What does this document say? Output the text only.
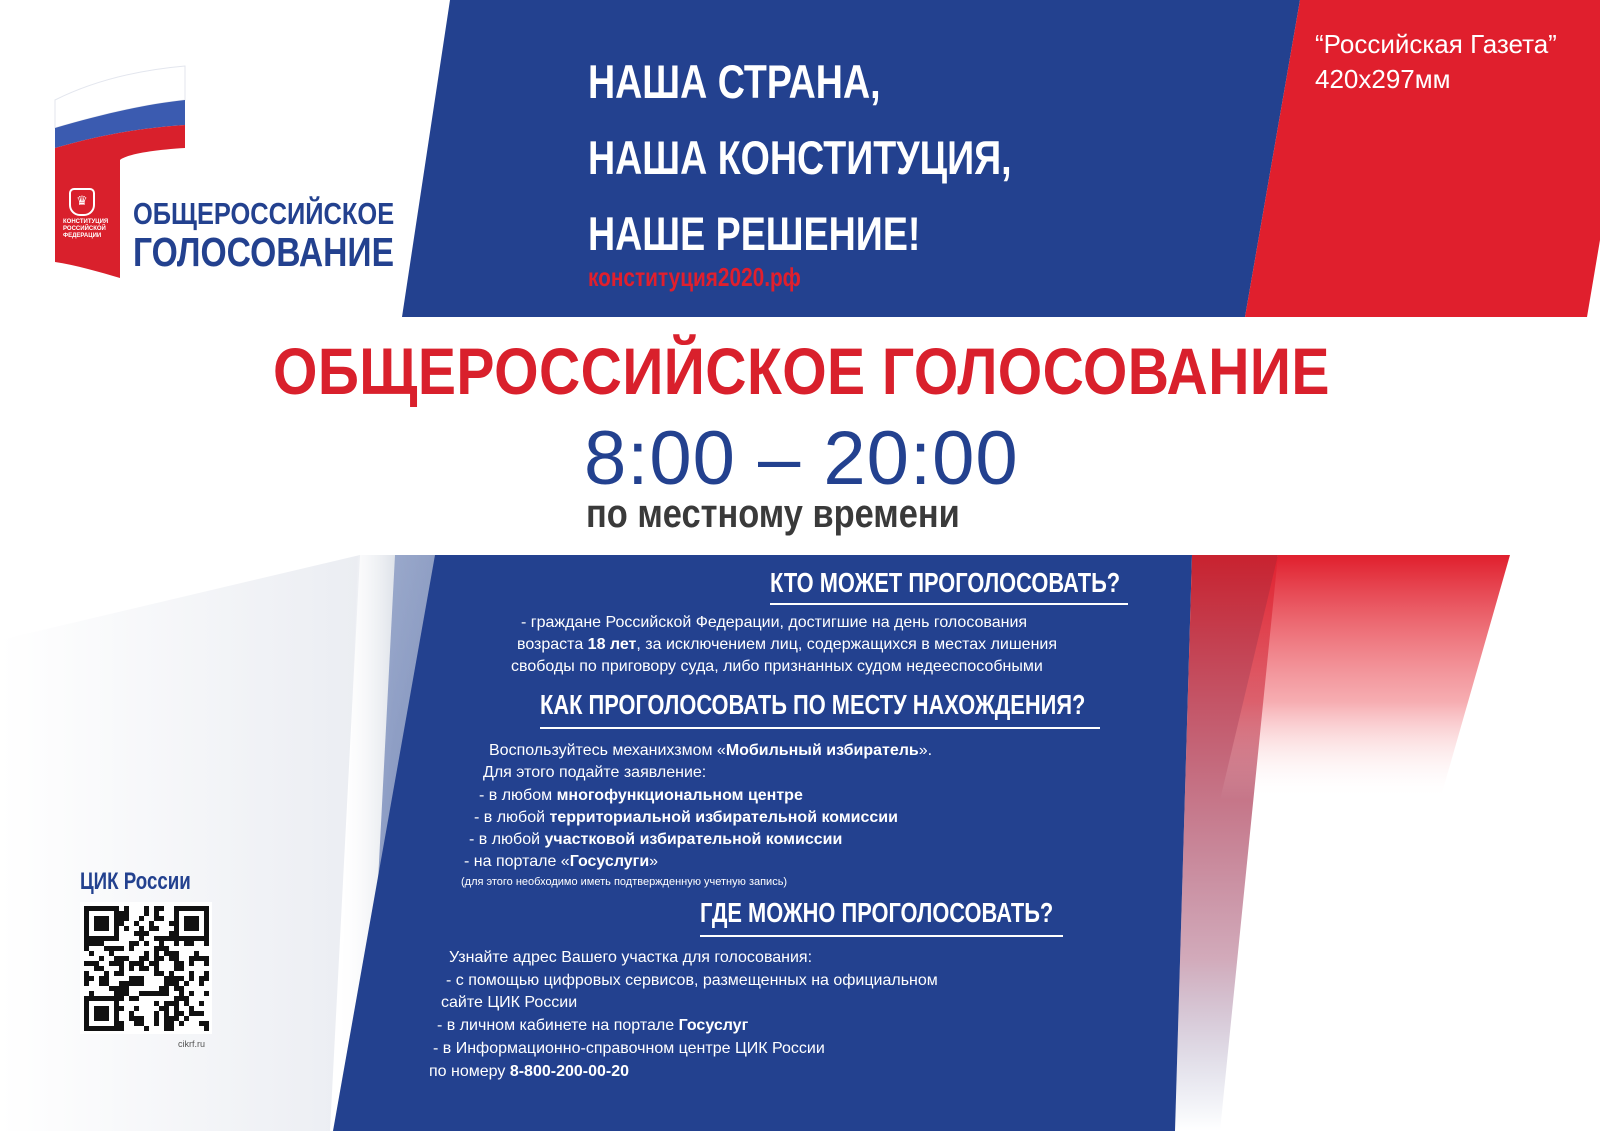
♛
КОНСТИТУЦИЯ РОССИЙСКОЙ ФЕДЕРАЦИИ
ОБЩЕРОССИЙСКОЕ
ГОЛОСОВАНИЕ
НАША СТРАНА,
НАША КОНСТИТУЦИЯ,
НАШЕ РЕШЕНИЕ!
конституция2020.рф
“Российская Газета”
420х297мм
ОБЩЕРОССИЙСКОЕ ГОЛОСОВАНИЕ
8:00 – 20:00
по местному времени
КТО МОЖЕТ ПРОГОЛОСОВАТЬ?
- граждане Российской Федерации, достигшие на день голосования
возраста 18 лет, за исключением лиц, содержащихся в местах лишения
свободы по приговору суда, либо признанных судом недееспособными
КАК ПРОГОЛОСОВАТЬ ПО МЕСТУ НАХОЖДЕНИЯ?
Воспользуйтесь механихзмом «Мобильный избиратель».
Для этого подайте заявление:
- в любом многофункциональном центре
- в любой территориальной избирательной комиссии
- в любой участковой избирательной комиссии
- на портале «Госуслуги»
(для этого необходимо иметь подтвержденную учетную запись)
ГДЕ МОЖНО ПРОГОЛОСОВАТЬ?
Узнайте адрес Вашего участка для голосования:
- с помощью цифровых сервисов, размещенных на официальном
сайте ЦИК России
- в личном кабинете на портале Госуслуг
- в Информационно-справочном центре ЦИК России
по номеру 8-800-200-00-20
ЦИК России
cikrf.ru
